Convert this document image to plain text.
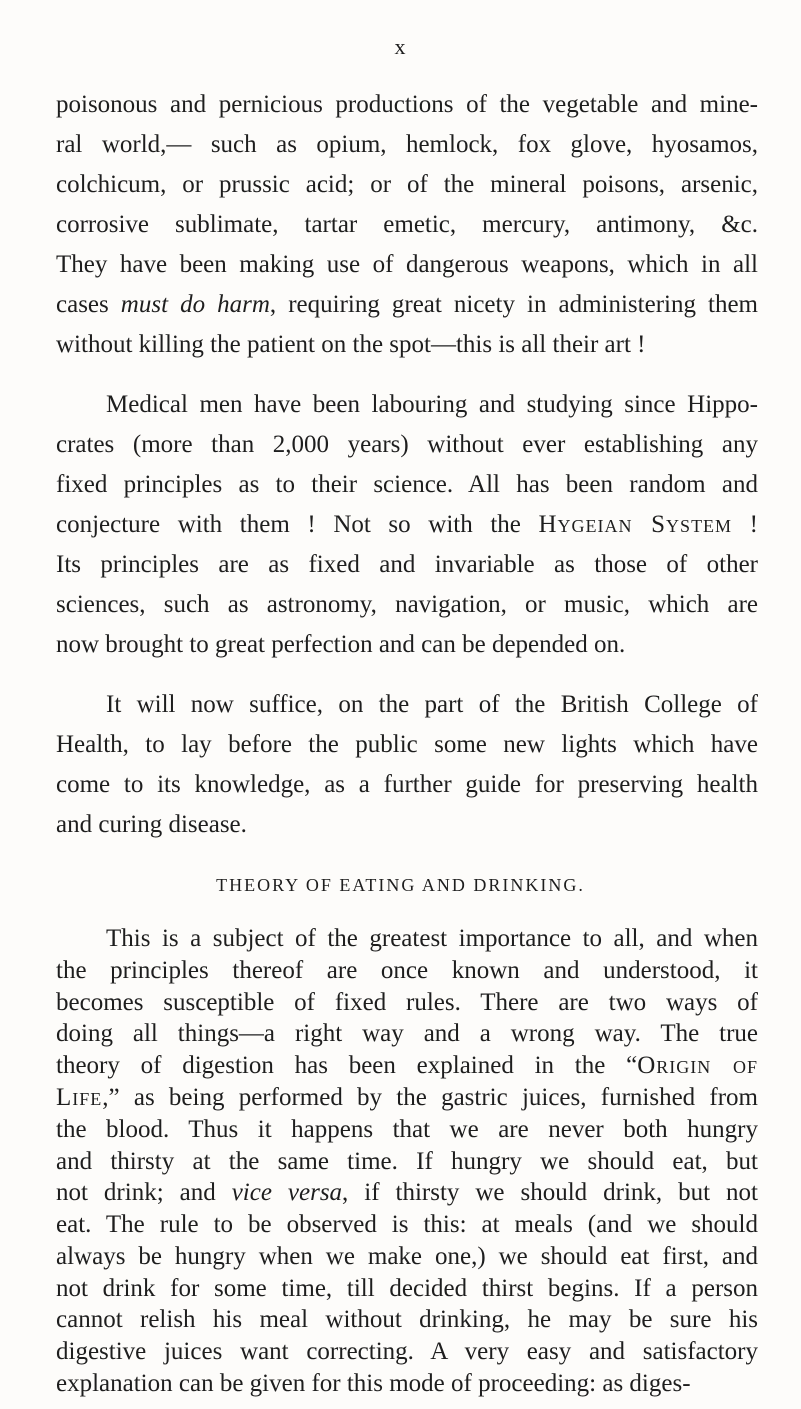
x
poisonous and pernicious productions of the vegetable and mine-
ral world,— such as opium, hemlock, fox glove, hyosamos,
colchicum, or prussic acid; or of the mineral poisons, arsenic,
corrosive sublimate, tartar emetic, mercury, antimony, &c.
They have been making use of dangerous weapons, which in all
cases must do harm, requiring great nicety in administering them
without killing the patient on the spot—this is all their art !
Medical men have been labouring and studying since Hippo-
crates (more than 2,000 years) without ever establishing any
fixed principles as to their science. All has been random and
conjecture with them ! Not so with the Hygeian System !
Its principles are as fixed and invariable as those of other
sciences, such as astronomy, navigation, or music, which are
now brought to great perfection and can be depended on.
It will now suffice, on the part of the British College of
Health, to lay before the public some new lights which have
come to its knowledge, as a further guide for preserving health
and curing disease.
THEORY OF EATING AND DRINKING.
This is a subject of the greatest importance to all, and when
the principles thereof are once known and understood, it
becomes susceptible of fixed rules. There are two ways of
doing all things—a right way and a wrong way. The true
theory of digestion has been explained in the “Origin of
Life,” as being performed by the gastric juices, furnished from
the blood. Thus it happens that we are never both hungry
and thirsty at the same time. If hungry we should eat, but
not drink; and vice versa, if thirsty we should drink, but not
eat. The rule to be observed is this: at meals (and we should
always be hungry when we make one,) we should eat first, and
not drink for some time, till decided thirst begins. If a person
cannot relish his meal without drinking, he may be sure his
digestive juices want correcting. A very easy and satisfactory
explanation can be given for this mode of proceeding: as diges-
